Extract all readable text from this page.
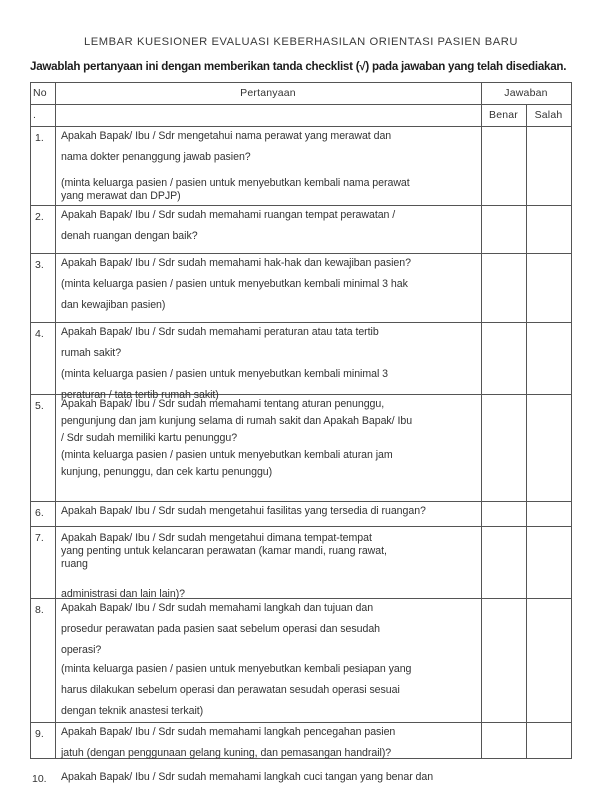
LEMBAR KUESIONER EVALUASI KEBERHASILAN ORIENTASI PASIEN BARU
Jawablah pertanyaan ini dengan memberikan tanda checklist (√) pada jawaban yang telah disediakan.
No
.
Pertanyaan	Jawaban
Benar	Salah
1.
2.
3.
4.
5.
6.
7.
8.
9.
10.
Apakah Bapak/ Ibu / Sdr mengetahui nama perawat yang merawat dan
nama dokter penanggung jawab pasien?
(minta keluarga pasien / pasien untuk menyebutkan kembali nama perawat
yang merawat dan DPJP)
Apakah Bapak/ Ibu / Sdr sudah memahami ruangan tempat perawatan /
denah ruangan dengan baik?
Apakah Bapak/ Ibu / Sdr sudah memahami hak-hak dan kewajiban pasien?
(minta keluarga pasien / pasien untuk menyebutkan kembali minimal 3 hak
dan kewajiban pasien)
Apakah Bapak/ Ibu / Sdr sudah memahami peraturan atau tata tertib
rumah sakit?
(minta keluarga pasien / pasien untuk menyebutkan kembali minimal 3
peraturan / tata tertib rumah sakit)
Apakah Bapak/ Ibu / Sdr sudah memahami tentang aturan penunggu,
pengunjung dan jam kunjung selama di rumah sakit dan Apakah Bapak/ Ibu
/ Sdr sudah memiliki kartu penunggu?
(minta keluarga pasien / pasien untuk menyebutkan kembali aturan jam
kunjung, penunggu, dan cek kartu penunggu)
Apakah Bapak/ Ibu / Sdr sudah mengetahui fasilitas yang tersedia di ruangan?
Apakah Bapak/ Ibu / Sdr sudah mengetahui dimana tempat-tempat
yang penting untuk kelancaran perawatan (kamar mandi, ruang rawat,
ruang
administrasi dan lain lain)?
Apakah Bapak/ Ibu / Sdr sudah memahami langkah dan tujuan dan
prosedur perawatan pada pasien saat sebelum operasi dan sesudah
operasi?
(minta keluarga pasien / pasien untuk menyebutkan kembali pesiapan yang
harus dilakukan sebelum operasi dan perawatan sesudah operasi sesuai
dengan teknik anastesi terkait)
Apakah Bapak/ Ibu / Sdr sudah memahami langkah pencegahan pasien
jatuh (dengan penggunaan gelang kuning, dan pemasangan handrail)?
Apakah Bapak/ Ibu / Sdr sudah memahami langkah cuci tangan yang benar dan
